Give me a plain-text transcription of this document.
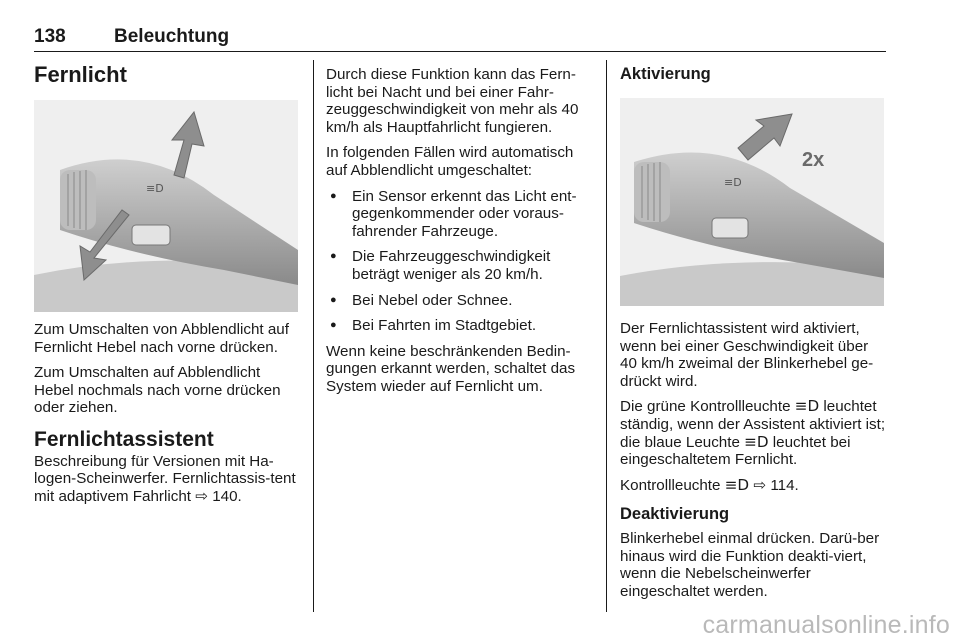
138	Beleuchtung
Fernlicht
≡D

Zum Umschalten von Abblendlicht auf Fernlicht Hebel nach vorne drücken.

Zum Umschalten auf Abblendlicht Hebel nochmals nach vorne drücken oder ziehen.

Fernlichtassistent

Beschreibung für Versionen mit Ha-logen-Scheinwerfer. Fernlichtassis-tent mit adaptivem Fahrlicht ⇨ 140.

Durch diese Funktion kann das Fern-licht bei Nacht und bei einer Fahr-zeuggeschwindigkeit von mehr als 40 km/h als Hauptfahrlicht fungieren.

In folgenden Fällen wird automatisch auf Abblendlicht umgeschaltet:

● Ein Sensor erkennt das Licht ent-gegenkommender oder voraus-fahrender Fahrzeuge.
● Die Fahrzeuggeschwindigkeit beträgt weniger als 20 km/h.
● Bei Nebel oder Schnee.
● Bei Fahrten im Stadtgebiet.

Wenn keine beschränkenden Bedin-gungen erkannt werden, schaltet das System wieder auf Fernlicht um.

Aktivierung
≡D
2x

Der Fernlichtassistent wird aktiviert, wenn bei einer Geschwindigkeit über 40 km/h zweimal der Blinkerhebel ge-drückt wird.

Die grüne Kontrollleuchte ≡D leuchtet ständig, wenn der Assistent aktiviert ist; die blaue Leuchte ≡D leuchtet bei eingeschaltetem Fernlicht.

Kontrollleuchte ≡D ⇨ 114.

Deaktivierung

Blinkerhebel einmal drücken. Darü-ber hinaus wird die Funktion deakti-viert, wenn die Nebelscheinwerfer eingeschaltet werden.

carmanualsonline.info
